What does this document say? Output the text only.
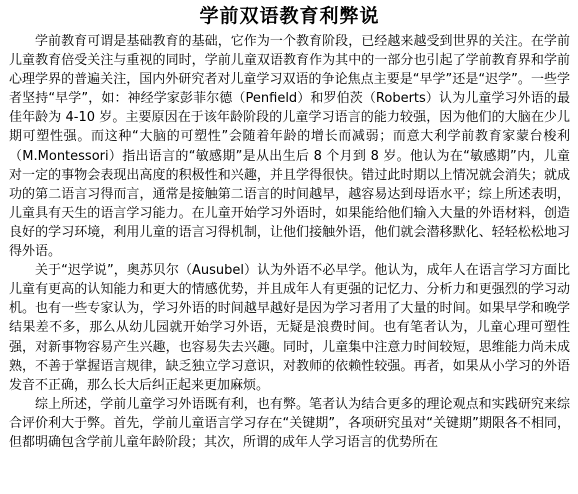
学前双语教育利弊说

学前教育可谓是基础教育的基础，它作为一个教育阶段，已经越来越受到世界的关注。在学前儿童教育倍受关注与重视的同时，学前儿童双语教育作为其中的一部分也引起了学前教育界和学前心理学界的普遍关注，国内外研究者对儿童学习双语的争论焦点主要是“早学”还是“迟学”。一些学者坚持“早学”，如：神经学家彭菲尔德（Penfield）和罗伯茨（Roberts）认为儿童学习外语的最佳年龄为 4-10 岁。主要原因在于该年龄阶段的儿童学习语言的能力较强，因为他们的大脑在少儿期可塑性强。而这种“大脑的可塑性”会随着年龄的增长而减弱；而意大利学前教育家蒙台梭利（M.Montessori）指出语言的“敏感期”是从出生后 8 个月到 8 岁。他认为在“敏感期”内，儿童对一定的事物会表现出高度的积极性和兴趣，并且学得很快。错过此时期以上情况就会消失；就成功的第二语言习得而言，通常是接触第二语言的时间越早，越容易达到母语水平；综上所述表明，儿童具有天生的语言学习能力。在儿童开始学习外语时，如果能给他们输入大量的外语材料，创造良好的学习环境，利用儿童的语言习得机制，让他们接触外语，他们就会潜移默化、轻轻松松地习得外语。

关于“迟学说”，奥苏贝尔（Ausubel）认为外语不必早学。他认为，成年人在语言学习方面比儿童有更高的认知能力和更大的情感优势，并且成年人有更强的记忆力、分析力和更强烈的学习动机。也有一些专家认为，学习外语的时间越早越好是因为学习者用了大量的时间。如果早学和晚学结果差不多，那么从幼儿园就开始学习外语，无疑是浪费时间。也有笔者认为，儿童心理可塑性强，对新事物容易产生兴趣，也容易失去兴趣。同时，儿童集中注意力时间较短，思维能力尚未成熟，不善于掌握语言规律，缺乏独立学习意识，对教师的依赖性较强。再者，如果从小学习的外语发音不正确，那么长大后纠正起来更加麻烦。

综上所述，学前儿童学习外语既有利，也有弊。笔者认为结合更多的理论观点和实践研究来综合评价利大于弊。首先，学前儿童语言学习存在“关键期”，各项研究虽对“关键期”期限各不相同，但都明确包含学前儿童年龄阶段；其次，所谓的成年人学习语言的优势所在
